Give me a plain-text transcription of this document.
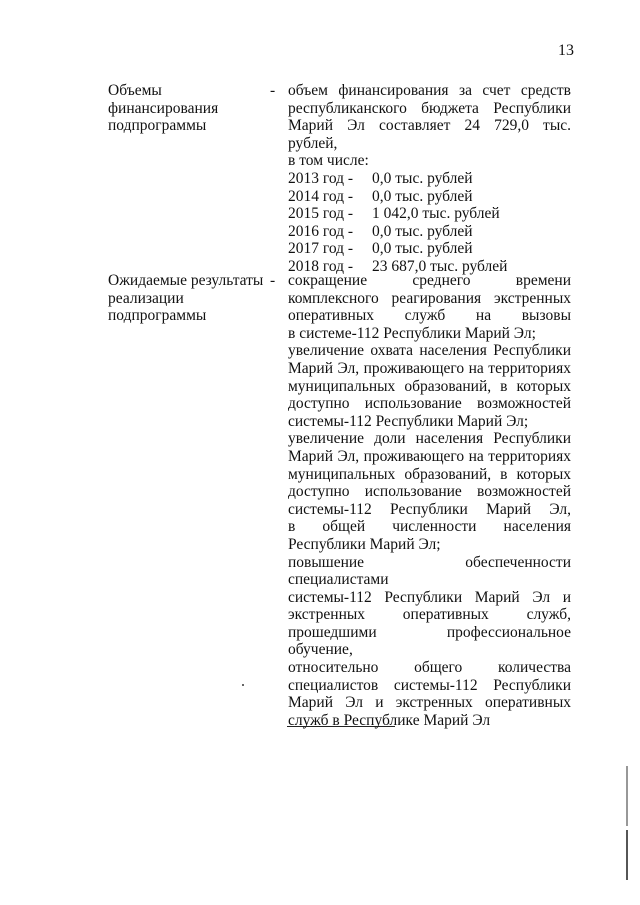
13
Объемы
финансирования
подпрограммы
- объем финансирования за счет средств
республиканского бюджета Республики
Марий Эл составляет 24 729,0 тыс. рублей,
в том числе:
2013 год - 0,0 тыс. рублей
2014 год - 0,0 тыс. рублей
2015 год - 1 042,0 тыс. рублей
2016 год - 0,0 тыс. рублей
2017 год - 0,0 тыс. рублей
2018 год - 23 687,0 тыс. рублей
Ожидаемые результаты
реализации
подпрограммы
- сокращение среднего времени
комплексного реагирования экстренных
оперативных служб на вызовы
в системе-112 Республики Марий Эл;
увеличение охвата населения Республики
Марий Эл, проживающего на территориях
муниципальных образований, в которых
доступно использование возможностей
системы-112 Республики Марий Эл;
увеличение доли населения Республики
Марий Эл, проживающего на территориях
муниципальных образований, в которых
доступно использование возможностей
системы-112 Республики Марий Эл,
в общей численности населения
Республики Марий Эл;
повышение обеспеченности специалистами
системы-112 Республики Марий Эл и
экстренных оперативных служб,
прошедшими профессиональное обучение,
относительно общего количества
специалистов системы-112 Республики
Марий Эл и экстренных оперативных
служб в Республике Марий Эл
